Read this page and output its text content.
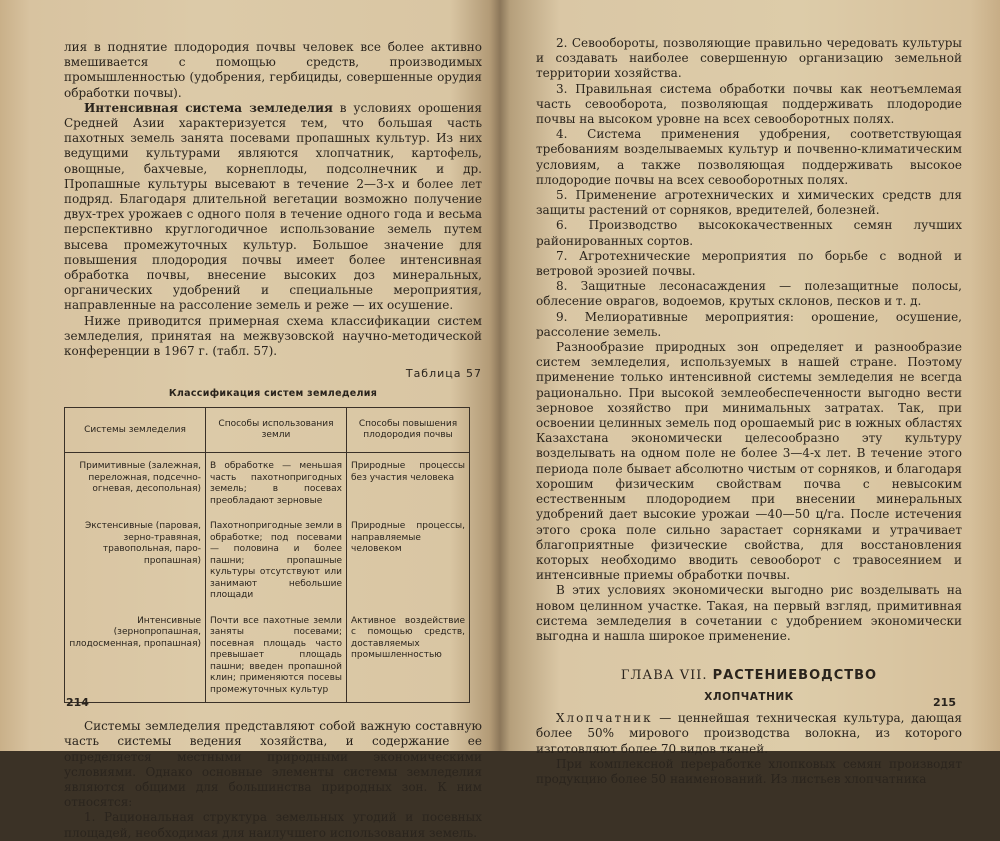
лия в поднятие плодородия почвы человек все более активно вмешивается с помощью средств, производимых промышленностью (удобрения, гербициды, совершенные орудия обработки почвы).

Интенсивная система земледелия в условиях орошения Средней Азии характеризуется тем, что большая часть пахотных земель занята посевами пропашных культур. Из них ведущими культурами являются хлопчатник, картофель, овощные, бахчевые, корнеплоды, подсолнечник и др. Пропашные культуры высевают в течение 2—3-х и более лет подряд. Благодаря длительной вегетации возможно получение двух-трех урожаев с одного поля в течение одного года и весьма перспективно круглогодичное использование земель путем высева промежуточных культур. Большое значение для повышения плодородия почвы имеет более интенсивная обработка почвы, внесение высоких доз минеральных, органических удобрений и специальные мероприятия, направленные на рассоление земель и реже — их осушение.

Ниже приводится примерная схема классификации систем земледелия, принятая на межвузовской научно-методической конференции в 1967 г. (табл. 57).

Таблица 57
Классификация систем земледелия
Системы земледелия	Способы использования земли	Способы повышения плодородия почвы
Примитивные (залежная, переложная, подсечно-огневая, десопольная)	В обработке — меньшая часть пахотнопригодных земель; в посевах преобладают зерновые	Природные процессы без участия человека
Экстенсивные (паровая, зерно-травяная, травопольная, паро-пропашная)	Пахотнопригодные земли в обработке; под посевами — половина и более пашни; пропашные культуры отсутствуют или занимают небольшие площади	Природные процессы, направляемые человеком
Интенсивные (зернопропашная, плодосменная, пропашная)	Почти все пахотные земли заняты посевами; посевная площадь часто превышает площадь пашни; введен пропашной клин; применяются посевы промежуточных культур	Активное воздействие с помощью средств, доставляемых промышленностью

Системы земледелия представляют собой важную составную часть системы ведения хозяйства, и содержание ее определяется местными природными экономическими условиями. Однако основные элементы системы земледелия являются общими для большинства природных зон. К ним относятся:

1. Рациональная структура земельных угодий и посевных площадей, необходимая для наилучшего использования земель.

214

2. Севообороты, позволяющие правильно чередовать культуры и создавать наиболее совершенную организацию земельной территории хозяйства.

3. Правильная система обработки почвы как неотъемлемая часть севооборота, позволяющая поддерживать плодородие почвы на высоком уровне на всех севооборотных полях.

4. Система применения удобрения, соответствующая требованиям возделываемых культур и почвенно-климатическим условиям, а также позволяющая поддерживать высокое плодородие почвы на всех севооборотных полях.

5. Применение агротехнических и химических средств для защиты растений от сорняков, вредителей, болезней.

6. Производство высококачественных семян лучших районированных сортов.

7. Агротехнические мероприятия по борьбе с водной и ветровой эрозией почвы.

8. Защитные лесонасаждения — полезащитные полосы, облесение оврагов, водоемов, крутых склонов, песков и т. д.

9. Мелиоративные мероприятия: орошение, осушение, рассоление земель.

Разнообразие природных зон определяет и разнообразие систем земледелия, используемых в нашей стране. Поэтому применение только интенсивной системы земледелия не всегда рационально. При высокой землеобеспеченности выгодно вести зерновое хозяйство при минимальных затратах. Так, при освоении целинных земель под орошаемый рис в южных областях Казахстана экономически целесообразно эту культуру возделывать на одном поле не более 3—4-х лет. В течение этого периода поле бывает абсолютно чистым от сорняков, и благодаря хорошим физическим свойствам почва с невысоким естественным плодородием при внесении минеральных удобрений дает высокие урожаи —40—50 ц/га. После истечения этого срока поле сильно зарастает сорняками и утрачивает благоприятные физические свойства, для восстановления которых необходимо вводить севооборот с травосеянием и интенсивные приемы обработки почвы.

В этих условиях экономически выгодно рис возделывать на новом целинном участке. Такая, на первый взгляд, примитивная система земледелия в сочетании с удобрением экономически выгодна и нашла широкое применение.

ГЛАВА VII. РАСТЕНИЕВОДСТВО
ХЛОПЧАТНИК

Хлопчатник — ценнейшая техническая культура, дающая более 50% мирового производства волокна, из которого изготовляют более 70 видов тканей.

При комплексной переработке хлопковых семян производят продукцию более 50 наименований. Из листьев хлопчатника

215
